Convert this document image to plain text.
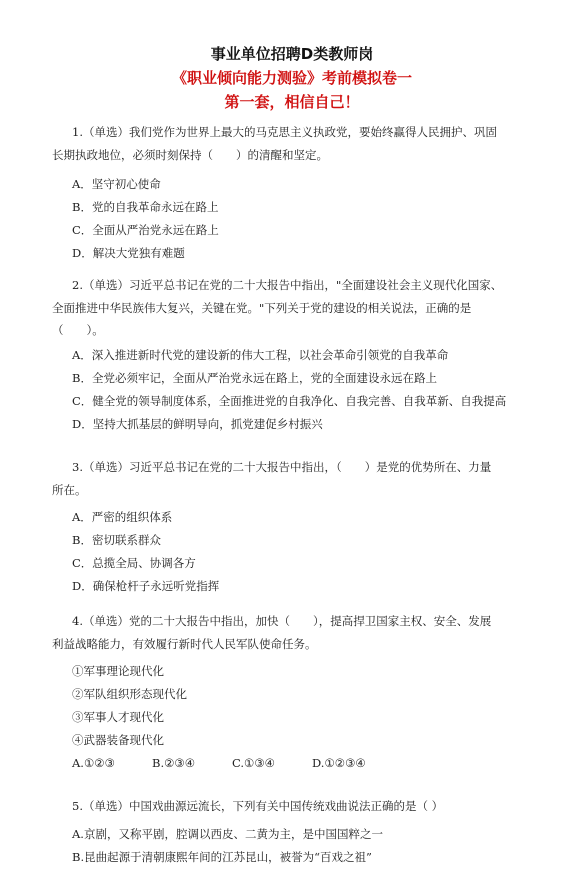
事业单位招聘D类教师岗
《职业倾向能力测验》考前模拟卷一
第一套，相信自己！
1.（单选）我们党作为世界上最大的马克思主义执政党，要始终赢得人民拥护、巩固
长期执政地位，必须时刻保持（　　）的清醒和坚定。
A．坚守初心使命
B．党的自我革命永远在路上
C．全面从严治党永远在路上
D．解决大党独有难题
2.（单选）习近平总书记在党的二十大报告中指出，"全面建设社会主义现代化国家、
全面推进中华民族伟大复兴，关键在党。"下列关于党的建设的相关说法，正确的是
（　　）。
A．深入推进新时代党的建设新的伟大工程，以社会革命引领党的自我革命
B．全党必须牢记，全面从严治党永远在路上，党的全面建设永远在路上
C．健全党的领导制度体系，全面推进党的自我净化、自我完善、自我革新、自我提高
D．坚持大抓基层的鲜明导向，抓党建促乡村振兴
3.（单选）习近平总书记在党的二十大报告中指出，（　　）是党的优势所在、力量
所在。
A．严密的组织体系
B．密切联系群众
C．总揽全局、协调各方
D．确保枪杆子永远听党指挥
4.（单选）党的二十大报告中指出，加快（　　），提高捍卫国家主权、安全、发展
利益战略能力，有效履行新时代人民军队使命任务。
①军事理论现代化
②军队组织形态现代化
③军事人才现代化
④武器装备现代化
A.①②③	B.②③④	C.①③④	D.①②③④
5.（单选）中国戏曲源远流长，下列有关中国传统戏曲说法正确的是（ ）
A.京剧，又称平剧，腔调以西皮、二黄为主，是中国国粹之一
B.昆曲起源于清朝康熙年间的江苏昆山，被誉为“百戏之祖”
